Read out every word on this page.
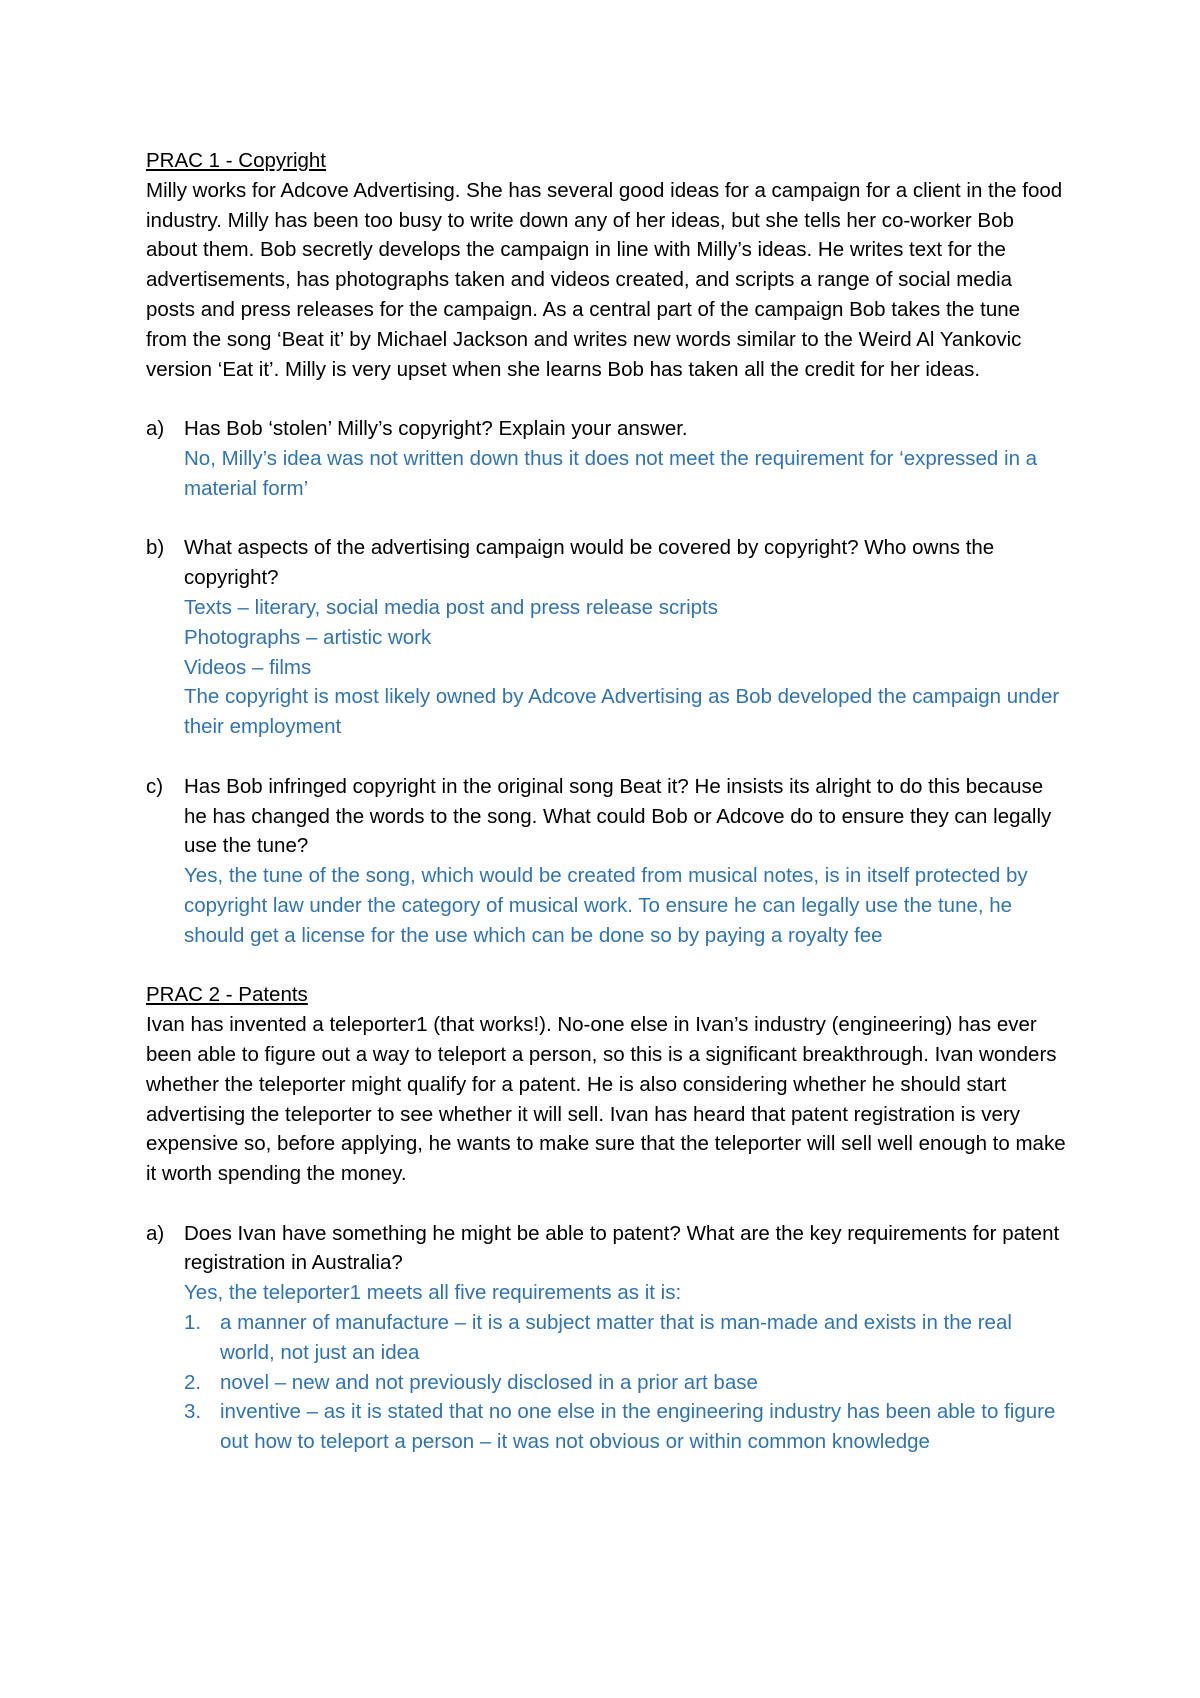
PRAC 1 - Copyright

Milly works for Adcove Advertising. She has several good ideas for a campaign for a client in the food industry. Milly has been too busy to write down any of her ideas, but she tells her co-worker Bob about them. Bob secretly develops the campaign in line with Milly’s ideas. He writes text for the advertisements, has photographs taken and videos created, and scripts a range of social media posts and press releases for the campaign. As a central part of the campaign Bob takes the tune from the song ‘Beat it’ by Michael Jackson and writes new words similar to the Weird Al Yankovic version ‘Eat it’. Milly is very upset when she learns Bob has taken all the credit for her ideas.

a) Has Bob ‘stolen’ Milly’s copyright? Explain your answer.

No, Milly’s idea was not written down thus it does not meet the requirement for ‘expressed in a material form’

b) What aspects of the advertising campaign would be covered by copyright? Who owns the copyright?

Texts – literary, social media post and press release scripts

Photographs – artistic work

Videos – films

The copyright is most likely owned by Adcove Advertising as Bob developed the campaign under their employment

c) Has Bob infringed copyright in the original song Beat it? He insists its alright to do this because he has changed the words to the song. What could Bob or Adcove do to ensure they can legally use the tune?

Yes, the tune of the song, which would be created from musical notes, is in itself protected by copyright law under the category of musical work. To ensure he can legally use the tune, he should get a license for the use which can be done so by paying a royalty fee

PRAC 2 - Patents

Ivan has invented a teleporter1 (that works!). No-one else in Ivan’s industry (engineering) has ever been able to figure out a way to teleport a person, so this is a significant breakthrough. Ivan wonders whether the teleporter might qualify for a patent. He is also considering whether he should start advertising the teleporter to see whether it will sell. Ivan has heard that patent registration is very expensive so, before applying, he wants to make sure that the teleporter will sell well enough to make it worth spending the money.

a) Does Ivan have something he might be able to patent? What are the key requirements for patent registration in Australia?

Yes, the teleporter1 meets all five requirements as it is:

1. a manner of manufacture – it is a subject matter that is man-made and exists in the real world, not just an idea
2. novel – new and not previously disclosed in a prior art base
3. inventive – as it is stated that no one else in the engineering industry has been able to figure out how to teleport a person – it was not obvious or within common knowledge
